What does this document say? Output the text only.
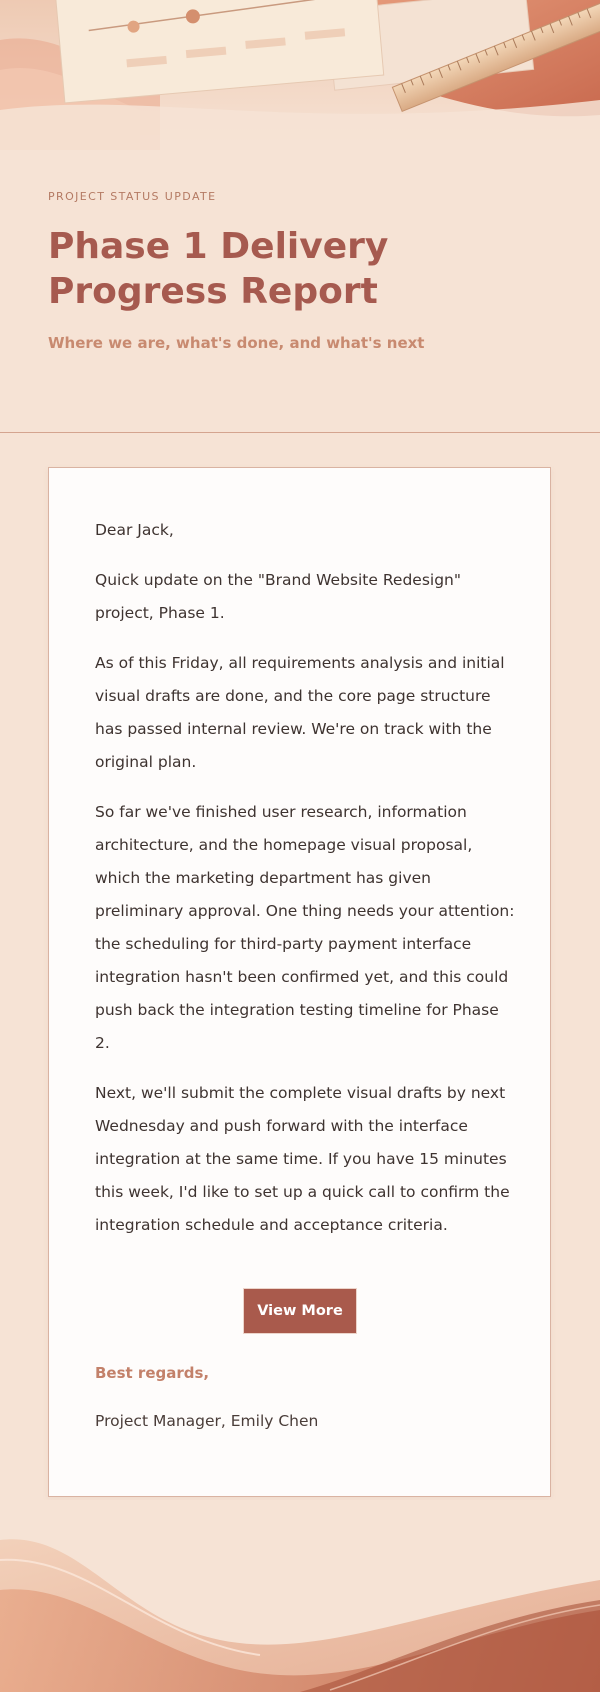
PROJECT STATUS UPDATE
Phase 1 Delivery Progress Report
Where we are, what's done, and what's next

Dear Jack,

Quick update on the "Brand Website Redesign" project, Phase 1.

As of this Friday, all requirements analysis and initial visual drafts are done, and the core page structure has passed internal review. We're on track with the original plan.

So far we've finished user research, information architecture, and the homepage visual proposal, which the marketing department has given preliminary approval. One thing needs your attention: the scheduling for third-party payment interface integration hasn't been confirmed yet, and this could push back the integration testing timeline for Phase 2.

Next, we'll submit the complete visual drafts by next Wednesday and push forward with the interface integration at the same time. If you have 15 minutes this week, I'd like to set up a quick call to confirm the integration schedule and acceptance criteria.

View More
Best regards,
Project Manager, Emily Chen
